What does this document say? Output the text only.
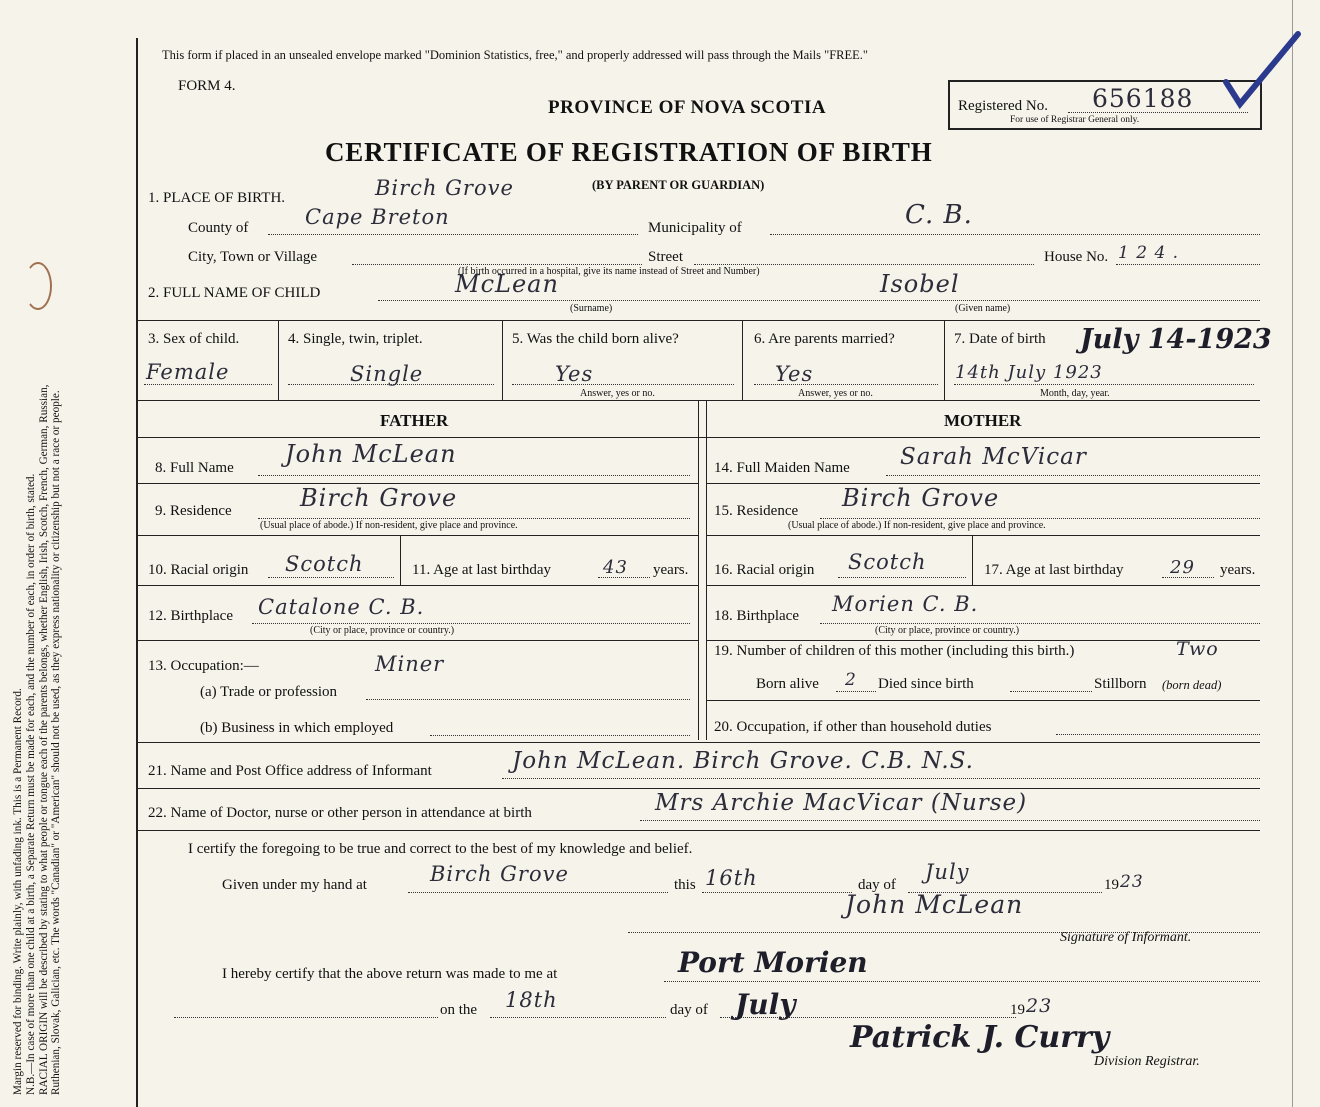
Margin reserved for binding. Write plainly, with unfading ink. This is a Permanent Record. N.B.—In case of more than one child at a birth, a Separate Return must be made for each, and the number of each, in order of birth, stated. RACIAL ORIGIN will be described by stating to what people or tongue each of the parents belongs, whether English, Irish, Scotch, French, German, Russian, Ruthenian, Slovak, Galician, etc. The words "Canadian" or "American" should not be used, as they express nationality or citizenship but not a race or people.
This form if placed in an unsealed envelope marked "Dominion Statistics, free," and properly addressed will pass through the Mails "FREE."
FORM 4.
PROVINCE OF NOVA SCOTIA
CERTIFICATE OF REGISTRATION OF BIRTH
(BY PARENT OR GUARDIAN)
Registered No. 656188
For use of Registrar General only.
1. PLACE OF BIRTH.	Birch Grove
County of	Cape Breton	Municipality of	C. B.
City, Town or Village	Street	House No. 1 2 4 .
(If birth occurred in a hospital, give its name instead of Street and Number)
2. FULL NAME OF CHILD	McLean	Isobel
(Surname)	(Given name)
3. Sex of child.
Female
4. Single, twin, triplet.
Single
5. Was the child born alive?
Yes
Answer, yes or no.
6. Are parents married?
Yes
Answer, yes or no.
7. Date of birth July 14-1923
14th July 1923
Month, day, year.
FATHER	MOTHER
8. Full Name John McLean
9. Residence	Birch Grove
(Usual place of abode.) If non-resident, give place and province.
10. Racial origin Scotch	11. Age at last birthday	43 years.
12. Birthplace Catalone C. B.
(City or place, province or country.)
13. Occupation:—	Miner
(a) Trade or profession
(b) Business in which employed
14. Full Maiden Name Sarah McVicar
15. Residence Birch Grove
(Usual place of abode.) If non-resident, give place and province.
16. Racial origin Scotch	17. Age at last birthday	29 years.
18. Birthplace Morien C. B.
(City or place, province or country.)
19. Number of children of this mother (including this birth.)	Two
Born alive 2 Died since birth	Stillborn (born dead)
20. Occupation, if other than household duties
21. Name and Post Office address of Informant	John McLean. Birch Grove. C.B. N.S.
22. Name of Doctor, nurse or other person in attendance at birth	Mrs Archie MacVicar (Nurse)
I certify the foregoing to be true and correct to the best of my knowledge and belief.
Given under my hand at	Birch Grove	this 16th	day of
July
19 23
John McLean
Signature of Informant.
I hereby certify that the above return was made to me at	Port Morien
on the 18th	day of July	19 23
Patrick J. Curry
Division Registrar.
